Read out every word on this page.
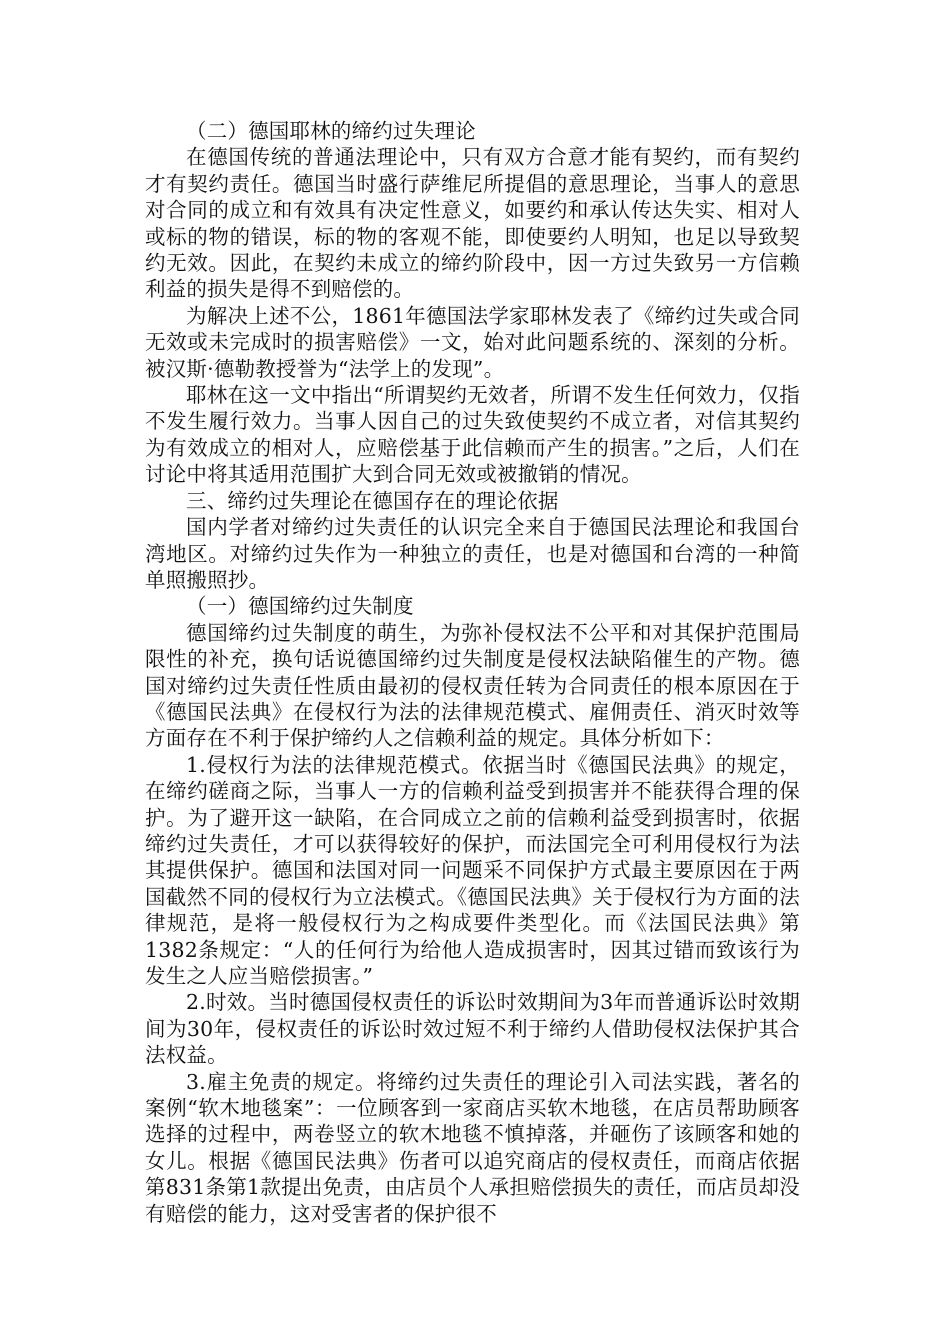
（二）德国耶林的缔约过失理论

在德国传统的普通法理论中，只有双方合意才能有契约，而有契约才有契约责任。德国当时盛行萨维尼所提倡的意思理论，当事人的意思对合同的成立和有效具有决定性意义，如要约和承认传达失实、相对人或标的物的错误，标的物的客观不能，即使要约人明知，也足以导致契约无效。因此，在契约未成立的缔约阶段中，因一方过失致另一方信赖利益的损失是得不到赔偿的。

为解决上述不公，1861年德国法学家耶林发表了《缔约过失或合同无效或未完成时的损害赔偿》一文，始对此问题系统的、深刻的分析。被汉斯·德勒教授誉为“法学上的发现”。

耶林在这一文中指出“所谓契约无效者，所谓不发生任何效力，仅指不发生履行效力。当事人因自己的过失致使契约不成立者，对信其契约为有效成立的相对人，应赔偿基于此信赖而产生的损害。”之后，人们在讨论中将其适用范围扩大到合同无效或被撤销的情况。

三、缔约过失理论在德国存在的理论依据

国内学者对缔约过失责任的认识完全来自于德国民法理论和我国台湾地区。对缔约过失作为一种独立的责任，也是对德国和台湾的一种简单照搬照抄。

（一）德国缔约过失制度

德国缔约过失制度的萌生，为弥补侵权法不公平和对其保护范围局限性的补充，换句话说德国缔约过失制度是侵权法缺陷催生的产物。德国对缔约过失责任性质由最初的侵权责任转为合同责任的根本原因在于《德国民法典》在侵权行为法的法律规范模式、雇佣责任、消灭时效等方面存在不利于保护缔约人之信赖利益的规定。具体分析如下：

1.侵权行为法的法律规范模式。依据当时《德国民法典》的规定，在缔约磋商之际，当事人一方的信赖利益受到损害并不能获得合理的保护。为了避开这一缺陷，在合同成立之前的信赖利益受到损害时，依据缔约过失责任，才可以获得较好的保护，而法国完全可利用侵权行为法其提供保护。德国和法国对同一问题采不同保护方式最主要原因在于两国截然不同的侵权行为立法模式。《德国民法典》关于侵权行为方面的法律规范，是将一般侵权行为之构成要件类型化。而《法国民法典》第1382条规定：“人的任何行为给他人造成损害时，因其过错而致该行为发生之人应当赔偿损害。”

2.时效。当时德国侵权责任的诉讼时效期间为3年而普通诉讼时效期间为30年，侵权责任的诉讼时效过短不利于缔约人借助侵权法保护其合法权益。

3.雇主免责的规定。将缔约过失责任的理论引入司法实践，著名的案例“软木地毯案”：一位顾客到一家商店买软木地毯，在店员帮助顾客选择的过程中，两卷竖立的软木地毯不慎掉落，并砸伤了该顾客和她的女儿。根据《德国民法典》伤者可以追究商店的侵权责任，而商店依据第831条第1款提出免责，由店员个人承担赔偿损失的责任，而店员却没有赔偿的能力，这对受害者的保护很不
